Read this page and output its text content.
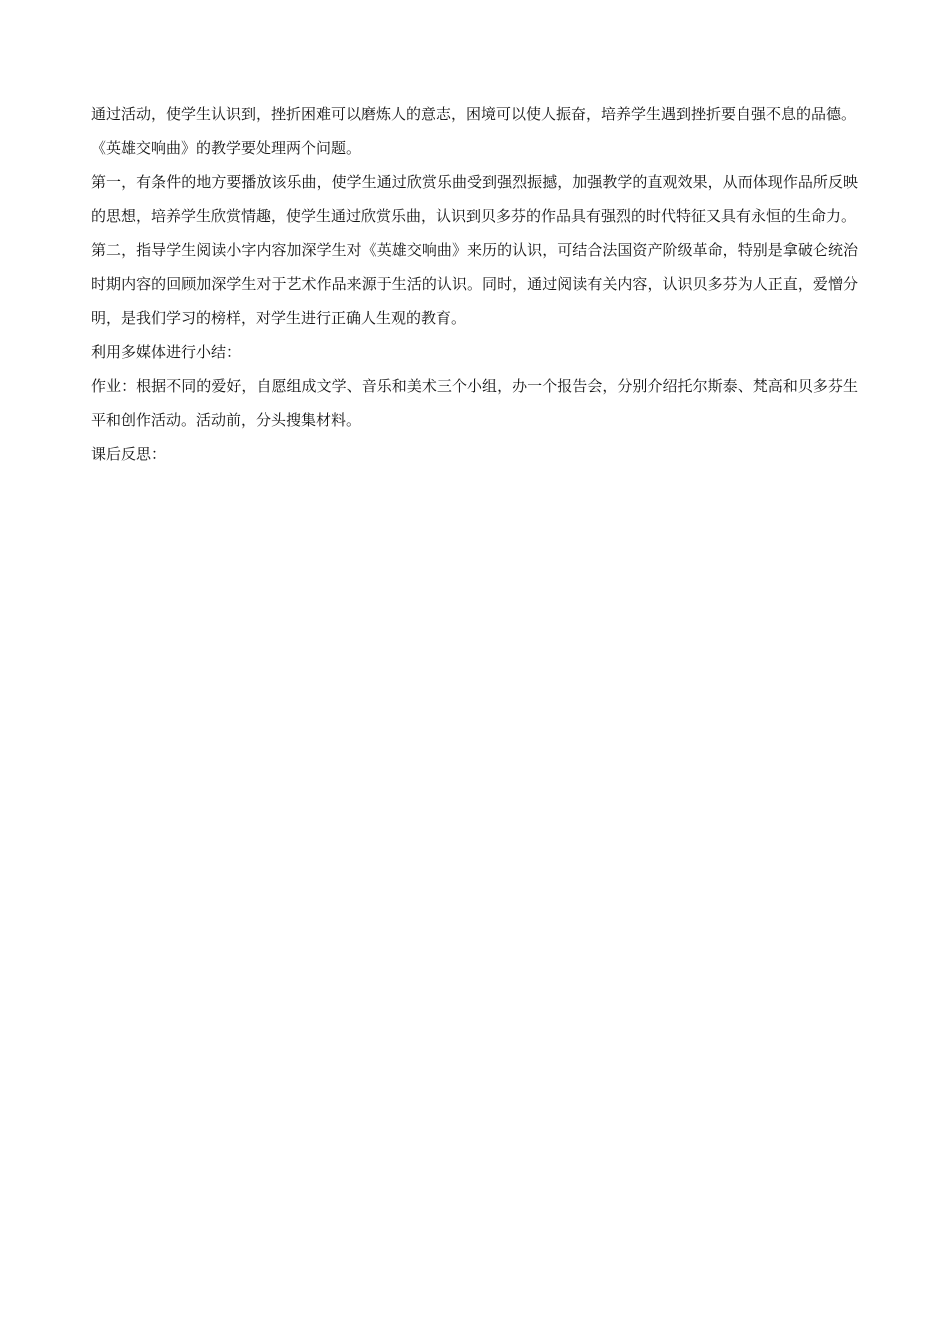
通过活动，使学生认识到，挫折困难可以磨炼人的意志，困境可以使人振奋，培养学生遇到挫折要自强不息的品德。

《英雄交响曲》的教学要处理两个问题。

第一，有条件的地方要播放该乐曲，使学生通过欣赏乐曲受到强烈振撼，加强教学的直观效果，从而体现作品所反映的思想，培养学生欣赏情趣，使学生通过欣赏乐曲，认识到贝多芬的作品具有强烈的时代特征又具有永恒的生命力。

第二，指导学生阅读小字内容加深学生对《英雄交响曲》来历的认识，可结合法国资产阶级革命，特别是拿破仑统治时期内容的回顾加深学生对于艺术作品来源于生活的认识。同时，通过阅读有关内容，认识贝多芬为人正直，爱憎分明，是我们学习的榜样，对学生进行正确人生观的教育。

利用多媒体进行小结：

作业：根据不同的爱好，自愿组成文学、音乐和美术三个小组，办一个报告会，分别介绍托尔斯泰、梵高和贝多芬生平和创作活动。活动前，分头搜集材料。

课后反思：
